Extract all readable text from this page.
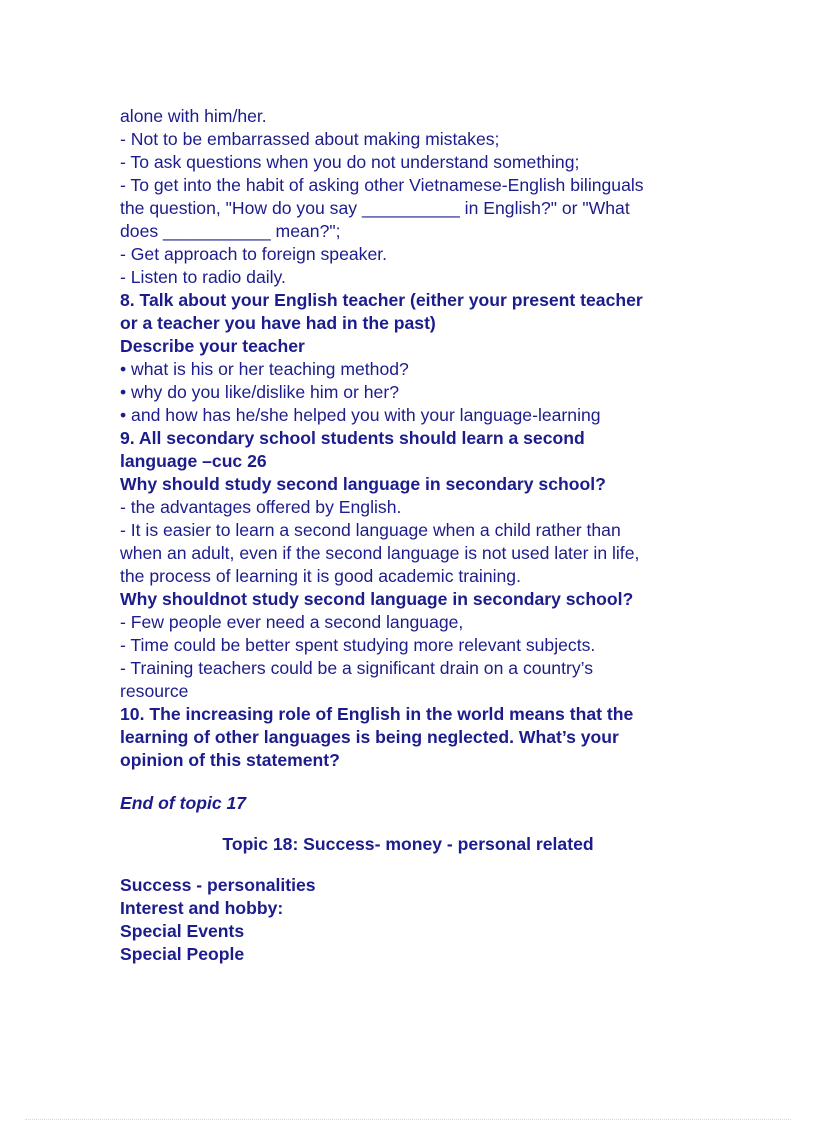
alone with him/her.

- Not to be embarrassed about making mistakes;

- To ask questions when you do not understand something;

- To get into the habit of asking other Vietnamese-English bilinguals

the question, "How do you say __________ in English?" or "What

does ___________ mean?";

- Get approach to foreign speaker.

- Listen to radio daily.

8. Talk about your English teacher (either your present teacher

or a teacher you have had in the past)

Describe your teacher

• what is his or her teaching method?

• why do you like/dislike him or her?

• and how has he/she helped you with your language-learning

9. All secondary school students should learn a second

language –cuc 26

Why should study second language in secondary school?

- the advantages offered by English.

- It is easier to learn a second language when a child rather than

when an adult, even if the second language is not used later in life,

the process of learning it is good academic training.

Why shouldnot study second language in secondary school?

- Few people ever need a second language,

- Time could be better spent studying more relevant subjects.

- Training teachers could be a significant drain on a country’s

resource

10. The increasing role of English in the world means that the

learning of other languages is being neglected. What’s your

opinion of this statement?

End of topic 17

Topic 18: Success- money - personal related

Success - personalities

Interest and hobby:

Special Events

Special People
